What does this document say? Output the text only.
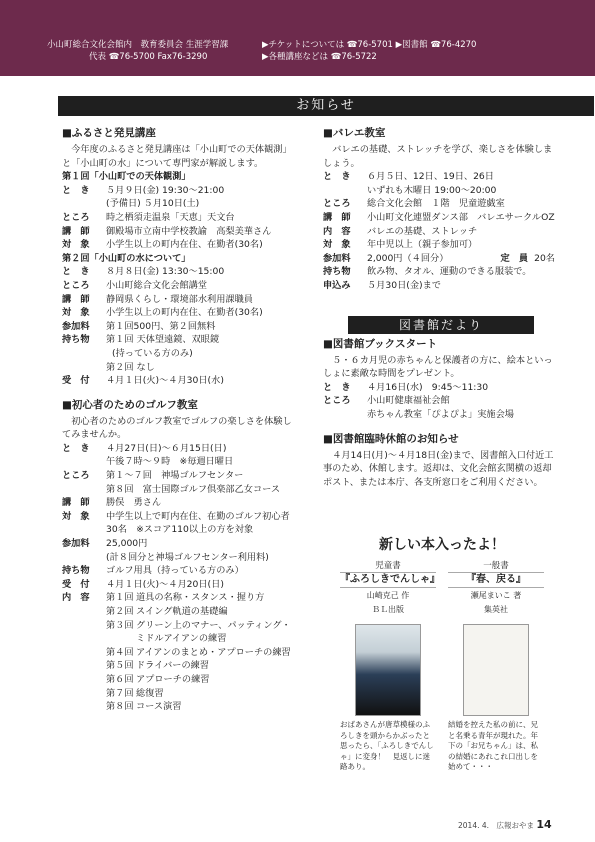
小山町総合文化会館内　教育委員会 生涯学習課
代表 ☎76-5700 Fax76-3290
▶チケットについては ☎76-5701 ▶図書館 ☎76-4270
▶各種講座などは ☎76-5722
お知らせ
■ふるさと発見講座

今年度のふるさと発見講座は「小山町での天体観測」と「小山町の水」について専門家が解説します。

第１回「小山町での天体観測」
と　き	５月９日(金) 19:30～21:00
(予備日) ５月10日(土)
ところ	時之栖須走温泉「天恵」天文台
講　師	御殿場市立南中学校教諭　高梨美華さん
対　象	小学生以上の町内在住、在勤者(30名)
第２回「小山町の水について」
と　き	８月８日(金) 13:30～15:00
ところ	小山町総合文化会館講堂
講　師	静岡県くらし・環境部水利用課職員
対　象	小学生以上の町内在住、在勤者(30名)
参加料	第１回500円、第２回無料
持ち物	第１回 天体望遠鏡、双眼鏡
(持っている方のみ)
第２回 なし
受　付	４月１日(火)～４月30日(水)
■初心者のためのゴルフ教室

初心者のためのゴルフ教室でゴルフの楽しさを体験してみませんか。

と　き	４月27日(日)～６月15日(日)
午後７時～９時　※毎週日曜日
ところ	第１～７回　神場ゴルフセンター
第８回　富士国際ゴルフ倶楽部乙女コース
講　師	勝俣　勇さん
対　象	中学生以上で町内在住、在勤のゴルフ初心者　30名　※スコア110以上の方を対象
参加料	25,000円
(計８回分と神場ゴルフセンター利用料)
持ち物	ゴルフ用具（持っている方のみ）
受　付	４月１日(火)～４月20日(日)
内　容	第１回 道具の名称・スタンス・握り方
第２回 スイング軌道の基礎編
第３回 グリーン上のマナー、パッティング・ミドルアイアンの練習
第４回 アイアンのまとめ・アプローチの練習
第５回 ドライバーの練習
第６回 アプローチの練習
第７回 総復習
第８回 コース演習
■バレエ教室

バレエの基礎、ストレッチを学び、楽しさを体験しましょう。

と　き	６月５日、12日、19日、26日
いずれも木曜日 19:00～20:00
ところ	総合文化会館　１階　児童遊戯室
講　師	小山町文化連盟ダンス部　バレエサークルOZ
内　容	バレエの基礎、ストレッチ
対　象	年中児以上（親子参加可）
参加料	2,000円（４回分）	定　員 20名
持ち物	飲み物、タオル、運動のできる服装で。
申込み	５月30日(金)まで
■図書館ブックスタート

５・６カ月児の赤ちゃんと保護者の方に、絵本といっしょに素敵な時間をプレゼント。

と　き	４月16日(水)　9:45～11:30
ところ	小山町健康福祉会館
赤ちゃん教室「ぴよぴよ」実施会場
■図書館臨時休館のお知らせ

４月14日(月)～４月18日(金)まで、図書館入口付近工事のため、休館します。返却は、文化会館玄関横の返却ポスト、または本庁、各支所窓口をご利用ください。

図書館だより
新しい本入ったよ！
児童書
『ふろしきでんしゃ』
山崎克己 作
ＢＬ出版
おばあさんが唐草模様のふろしきを頭からかぶったと思ったら、「ふろしきでんしゃ」に変身！　見返しに迷路あり。
一般書
『春、戻る』
瀬尾まいこ 著
集英社
結婚を控えた私の前に、兄と名乗る青年が現れた。年下の「お兄ちゃん」は、私の結婚にあれこれ口出しを始めて・・・
2014. 4.　広報おやま 14
